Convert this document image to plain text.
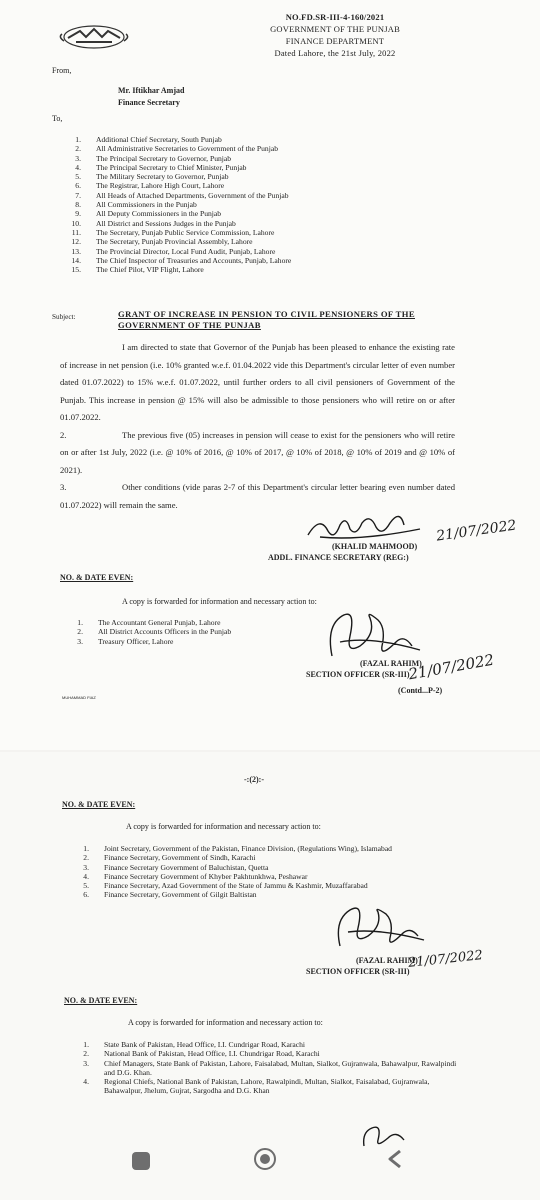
NO.FD.SR-III-4-160/2021
GOVERNMENT OF THE PUNJAB
FINANCE DEPARTMENT
Dated Lahore, the 21st July, 2022
From,
Mr. Iftikhar Amjad
Finance Secretary
To,
1.	Additional Chief Secretary, South Punjab
2.	All Administrative Secretaries to Government of the Punjab
3.	The Principal Secretary to Governor, Punjab
4.	The Principal Secretary to Chief Minister, Punjab
5.	The Military Secretary to Governor, Punjab
6.	The Registrar, Lahore High Court, Lahore
7.	All Heads of Attached Departments, Government of the Punjab
8.	All Commissioners in the Punjab
9.	All Deputy Commissioners in the Punjab
10.	All District and Sessions Judges in the Punjab
11.	The Secretary, Punjab Public Service Commission, Lahore
12.	The Secretary, Punjab Provincial Assembly, Lahore
13.	The Provincial Director, Local Fund Audit, Punjab, Lahore
14.	The Chief Inspector of Treasuries and Accounts, Punjab, Lahore
15.	The Chief Pilot, VIP Flight, Lahore
Subject:	GRANT OF INCREASE IN PENSION TO CIVIL PENSIONERS OF THE
GOVERNMENT OF THE PUNJAB

I am directed to state that Governor of the Punjab has been pleased to enhance the existing rate of increase in net pension (i.e. 10% granted w.e.f. 01.04.2022 vide this Department's circular letter of even number dated 01.07.2022) to 15% w.e.f. 01.07.2022, until further orders to all civil pensioners of Government of the Punjab. This increase in pension @ 15% will also be admissible to those pensioners who will retire on or after 01.07.2022.

2.	The previous five (05) increases in pension will cease to exist for the pensioners who will retire on or after 1st July, 2022 (i.e. @ 10% of 2016, @ 10% of 2017, @ 10% of 2018, @ 10% of 2019 and @ 10% of 2021).

3.	Other conditions (vide paras 2-7 of this Department's circular letter bearing even number dated 01.07.2022) will remain the same.

21/07/2022
(KHALID MAHMOOD)
ADDL. FINANCE SECRETARY (REG:)
NO. & DATE EVEN:
A copy is forwarded for information and necessary action to:
1.	The Accountant General Punjab, Lahore
2.	All District Accounts Officers in the Punjab
3.	Treasury Officer, Lahore
21/07/2022
(FAZAL RAHIM)
SECTION OFFICER (SR-III)
(Contd...P-2)
MUHAMMAD FIAZ
-:(2):-
NO. & DATE EVEN:
A copy is forwarded for information and necessary action to:
1.	Joint Secretary, Government of the Pakistan, Finance Division, (Regulations Wing), Islamabad
2.	Finance Secretary, Government of Sindh, Karachi
3.	Finance Secretary Government of Baluchistan, Quetta
4.	Finance Secretary Government of Khyber Pakhtunkhwa, Peshawar
5.	Finance Secretary, Azad Government of the State of Jammu & Kashmir, Muzaffarabad
6.	Finance Secretary, Government of Gilgit Baltistan
21/07/2022
(FAZAL RAHIM)
SECTION OFFICER (SR-III)
NO. & DATE EVEN:
A copy is forwarded for information and necessary action to:
1.	State Bank of Pakistan, Head Office, I.I. Cundrigar Road, Karachi
2.	National Bank of Pakistan, Head Office, I.I. Chundrigar Road, Karachi
3.	Chief Managers, State Bank of Pakistan, Lahore, Faisalabad, Multan, Sialkot, Gujranwala, Bahawalpur, Rawalpindi and D.G. Khan.
4.	Regional Chiefs, National Bank of Pakistan, Lahore, Rawalpindi, Multan, Sialkot, Faisalabad, Gujranwala, Bahawalpur, Jhelum, Gujrat, Sargodha and D.G. Khan
